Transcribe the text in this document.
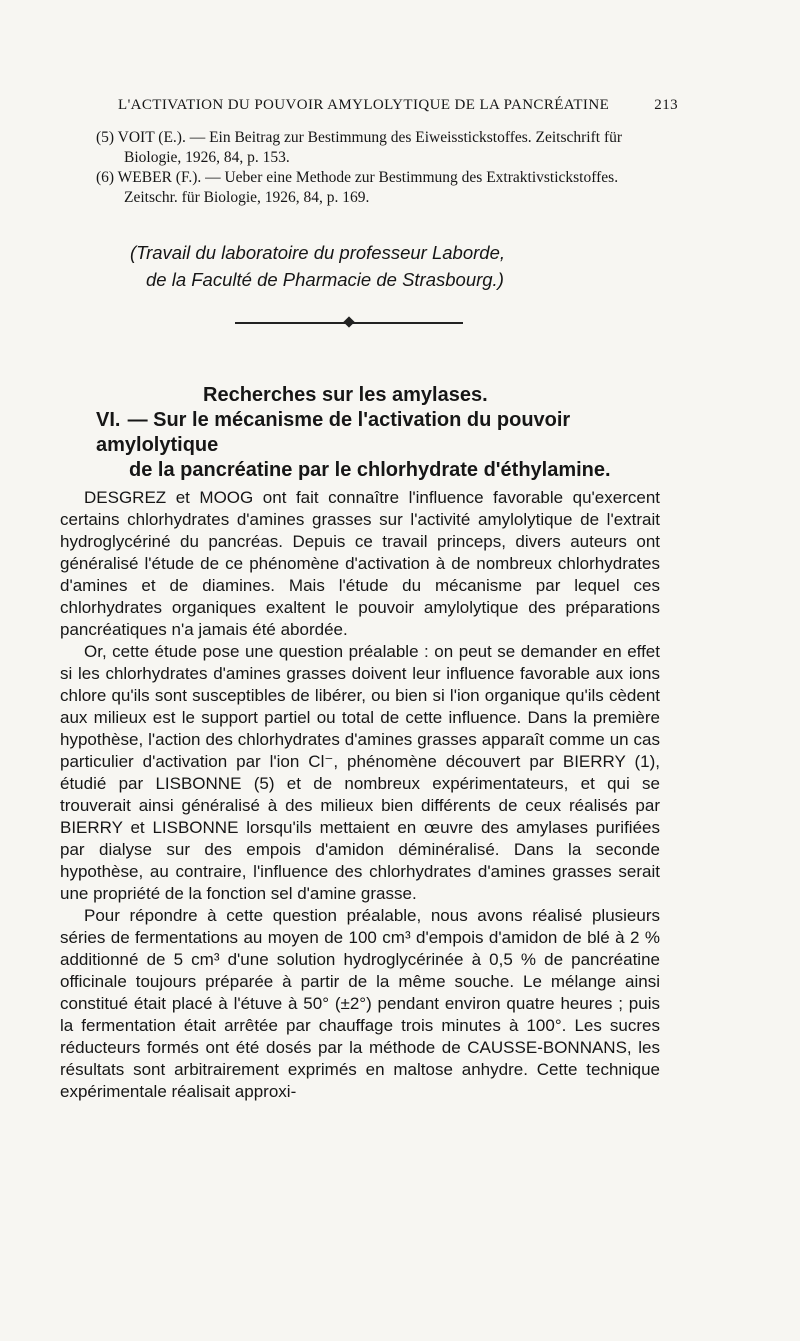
L'ACTIVATION DU POUVOIR AMYLOLYTIQUE DE LA PANCRÉATINE	213

(5) VOIT (E.). — Ein Beitrag zur Bestimmung des Eiweisstickstoffes. Zeitschrift für
Biologie, 1926, 84, p. 153.

(6) WEBER (F.). — Ueber eine Methode zur Bestimmung des Extraktivstickstoffes.
Zeitschr. für Biologie, 1926, 84, p. 169.

(Travail du laboratoire du professeur Laborde,
de la Faculté de Pharmacie de Strasbourg.)
Recherches sur les amylases.
VI. — Sur le mécanisme de l'activation du pouvoir amylolytique
de la pancréatine par le chlorhydrate d'éthylamine.

DESGREZ et MOOG ont fait connaître l'influence favorable qu'exercent certains chlorhydrates d'amines grasses sur l'activité amylolytique de l'extrait hydroglycériné du pancréas. Depuis ce travail princeps, divers auteurs ont généralisé l'étude de ce phénomène d'activation à de nombreux chlorhydrates d'amines et de diamines. Mais l'étude du mécanisme par lequel ces chlorhydrates organiques exaltent le pouvoir amylolytique des préparations pancréatiques n'a jamais été abordée.

Or, cette étude pose une question préalable : on peut se demander en effet si les chlorhydrates d'amines grasses doivent leur influence favorable aux ions chlore qu'ils sont susceptibles de libérer, ou bien si l'ion organique qu'ils cèdent aux milieux est le support partiel ou total de cette influence. Dans la première hypothèse, l'action des chlorhydrates d'amines grasses apparaît comme un cas particulier d'activation par l'ion Cl⁻, phénomène découvert par BIERRY (1), étudié par LISBONNE (5) et de nombreux expérimentateurs, et qui se trouverait ainsi généralisé à des milieux bien différents de ceux réalisés par BIERRY et LISBONNE lorsqu'ils mettaient en œuvre des amylases purifiées par dialyse sur des empois d'amidon déminéralisé. Dans la seconde hypothèse, au contraire, l'influence des chlorhydrates d'amines grasses serait une propriété de la fonction sel d'amine grasse.

Pour répondre à cette question préalable, nous avons réalisé plusieurs séries de fermentations au moyen de 100 cm³ d'empois d'amidon de blé à 2 % additionné de 5 cm³ d'une solution hydroglycérinée à 0,5 % de pancréatine officinale toujours préparée à partir de la même souche. Le mélange ainsi constitué était placé à l'étuve à 50° (±2°) pendant environ quatre heures ; puis la fermentation était arrêtée par chauffage trois minutes à 100°. Les sucres réducteurs formés ont été dosés par la méthode de CAUSSE-BONNANS, les résultats sont arbitrairement exprimés en maltose anhydre. Cette technique expérimentale réalisait approxi-
